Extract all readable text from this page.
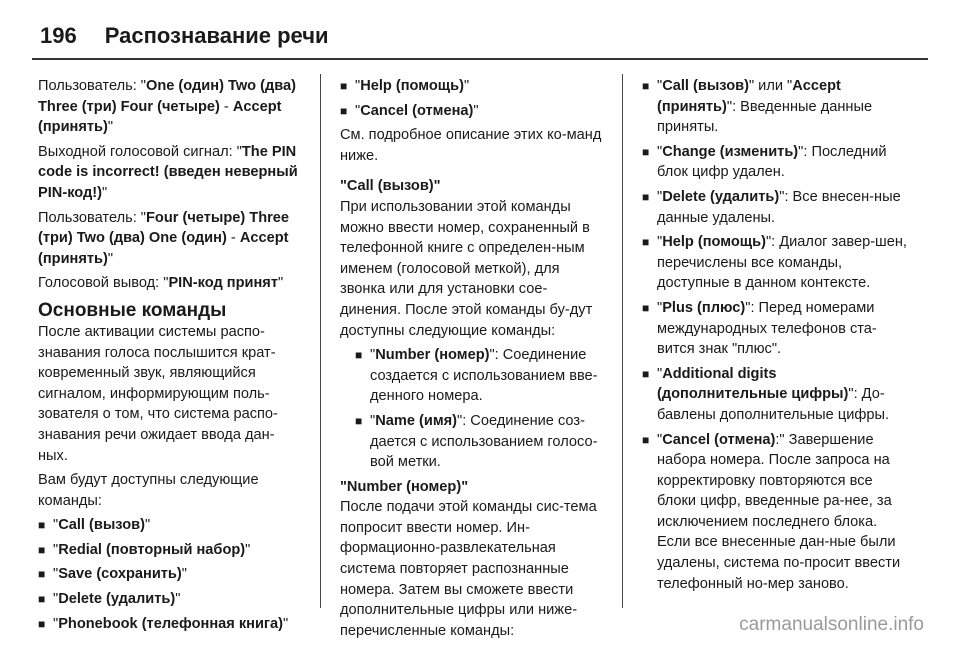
196 Распознавание речи

Пользователь: "One (один) Two (два) Three (три) Four (четыре) - Accept (принять)"

Выходной голосовой сигнал: "The PIN code is incorrect! (введен неверный PIN-код!)"

Пользователь: "Four (четыре) Three (три) Two (два) One (один) - Accept (принять)"

Голосовой вывод: "PIN-код принят"

Основные команды

После активации системы распо-знавания голоса послышится крат-ковременный звук, являющийся сигналом, информирующим поль-зователя о том, что система распо-знавания речи ожидает ввода дан-ных.

Вам будут доступны следующие команды:

■ "Call (вызов)"
■ "Redial (повторный набор)"
■ "Save (сохранить)"
■ "Delete (удалить)"
■ "Phonebook (телефонная книга)"
■ "Help (помощь)"
■ "Cancel (отмена)"

См. подробное описание этих ко-манд ниже.

"Call (вызов)"

При использовании этой команды можно ввести номер, сохраненный в телефонной книге с определен-ным именем (голосовой меткой), для звонка или для установки сое-динения. После этой команды бу-дут доступны следующие команды:

■ "Number (номер)": Соединение создается с использованием вве-денного номера.
■ "Name (имя)": Соединение соз-дается с использованием голосо-вой метки.
"Number (номер)"

После подачи этой команды сис-тема попросит ввести номер. Ин-формационно-развлекательная система повторяет распознанные номера. Затем вы сможете ввести дополнительные цифры или ниже-перечисленные команды:

■ "Call (вызов)" или "Accept (принять)": Введенные данные приняты.
■ "Change (изменить)": Последний блок цифр удален.
■ "Delete (удалить)": Все внесен-ные данные удалены.
■ "Help (помощь)": Диалог завер-шен, перечислены все команды, доступные в данном контексте.
■ "Plus (плюс)": Перед номерами международных телефонов ста-вится знак "плюс".
■ "Additional digits (дополнительные цифры)": До-бавлены дополнительные цифры.
■ "Cancel (отмена):" Завершение набора номера. После запроса на корректировку повторяются все блоки цифр, введенные ра-нее, за исключением последнего блока. Если все внесенные дан-ные были удалены, система по-просит ввести телефонный но-мер заново.
carmanualsonline.info
